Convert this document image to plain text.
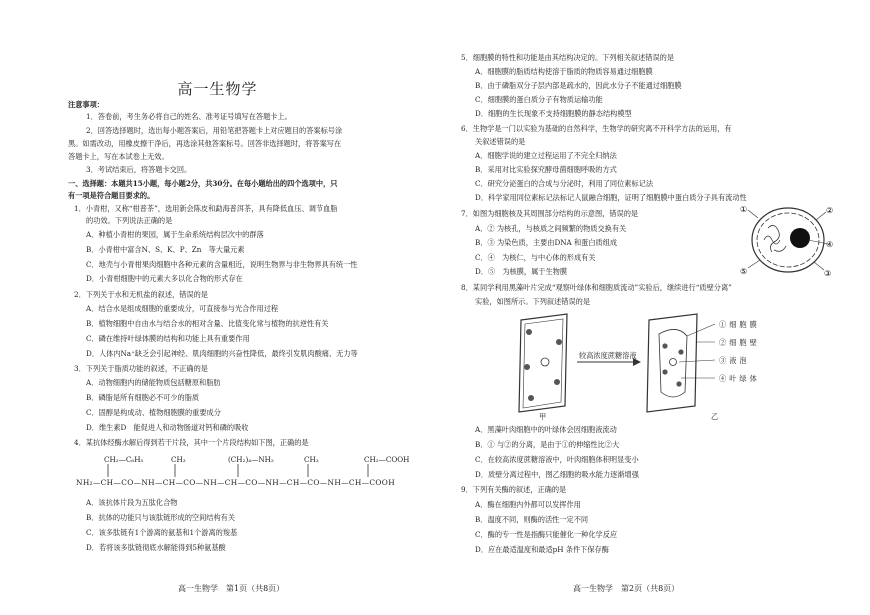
高一生物学
注意事项：
1．答卷前，考生务必将自己的姓名、准考证号填写在答题卡上。
2．回答选择题时，选出每小题答案后，用铅笔把答题卡上对应题目的答案标号涂
黑。如需改动，用橡皮擦干净后，再选涂其他答案标号。回答非选择题时，将答案写在
答题卡上，写在本试卷上无效。
3．考试结束后，将答题卡交回。
一、选择题：本题共15小题，每小题2分，共30分。在每小题给出的四个选项中，只
有一项是符合题目要求的。
1．小青柑，又称“柑普茶”，选用新会陈皮和勐海普洱茶，具有降低血压、调节血脂
的功效。下列说法正确的是
A．种植小青柑的果园，属于生命系统结构层次中的群落
B．小青柑中富含N、S、K、P、Zn　等大量元素
C．地壳与小青柑果肉细胞中各种元素的含量相近，说明生物界与非生物界具有统一性
D．小青柑细胞中的元素大多以化合物的形式存在
2．下列关于水和无机盐的叙述，错误的是
A．结合水是组成细胞的重要成分，可直接参与光合作用过程
B．植物细胞中自由水与结合水的相对含量、比值变化常与植物的抗逆性有关
C．磷在维持叶绿体膜的结构和功能上具有重要作用
D．人体内Na⁺缺乏会引起神经、肌肉细胞的兴奋性降低，最终引发肌肉酸痛、无力等
3．下列关于脂质功能的叙述，不正确的是
A．动物细胞内的储能物质包括糖原和脂肪
B．磷脂是所有细胞必不可少的脂质
C．固醇是构成动、植物细胞膜的重要成分
D．维生素D　能促进人和动物肠道对钙和磷的吸收
4．某抗体经酶水解后得到若干片段，其中一个片段结构如下图，正确的是
CH₂—C₆H₅	CH₃	(CH₂)₄—NH₂	CH₃	CH₂—COOH
NH₂—CH—CO—NH—CH—CO—NH—CH—CO—NH—CH—CO—NH—CH—COOH
A．该抗体片段为五肽化合物
B．抗体的功能只与该肽链形成的空间结构有关
C．该多肽链有1个游离的氨基和1个游离的羧基
D．若将该多肽链彻底水解能得到5种氨基酸
高一生物学　第1页（共8页）
5．细胞膜的特性和功能是由其结构决定的。下列相关叙述错误的是
A．细胞膜的脂质结构使溶于脂质的物质容易通过细胞膜
B．由于磷脂双分子层内部是疏水的，因此水分子不能通过细胞膜
C．细胞膜的蛋白质分子有物质运输功能
D．细胞的生长现象不支持细胞膜的静态结构模型
6．生物学是一门以实验为基础的自然科学，生物学的研究离不开科学方法的运用，有
关叙述错误的是
A．细胞学说的建立过程运用了不完全归纳法
B．采用对比实验探究酵母菌细胞呼吸的方式
C．研究分泌蛋白的合成与分泌时，利用了同位素标记法
D．科学家用同位素标记法标记人鼠融合细胞，证明了细胞膜中蛋白质分子具有流动性
7．如图为细胞核及其周围部分结构的示意图，错误的是
A．② 为核孔，与核质之间频繁的物质交换有关
B．③ 为染色质，主要由DNA 和蛋白质组成
C．④　为核仁，与中心体的形成有关
D．⑤　为核膜，属于生物膜
①	②
④
③
⑤
8．某同学利用黑藻叶片完成“观察叶绿体和细胞质流动”实验后，继续进行“质壁分离”
实验，如图所示。下列叙述错误的是
较高浓度蔗糖溶液
①细胞膜
②细胞壁
③液泡
④叶绿体
甲	乙
A．黑藻叶肉细胞中的叶绿体会因细胞液流动
B．① 与②的分离，是由于①的伸缩性比②大
C．在较高浓度蔗糖溶液中，叶肉细胞体积明显变小
D．质壁分离过程中，图乙细胞的吸水能力逐渐增强
9．下列有关酶的叙述，正确的是
A．酶在细胞内外都可以发挥作用
B．温度不同，则酶的活性一定不同
C．酶的专一性是指酶只能催化一种化学反应
D．应在最适温度和最适pH 条件下保存酶
高一生物学　第2页（共8页）
